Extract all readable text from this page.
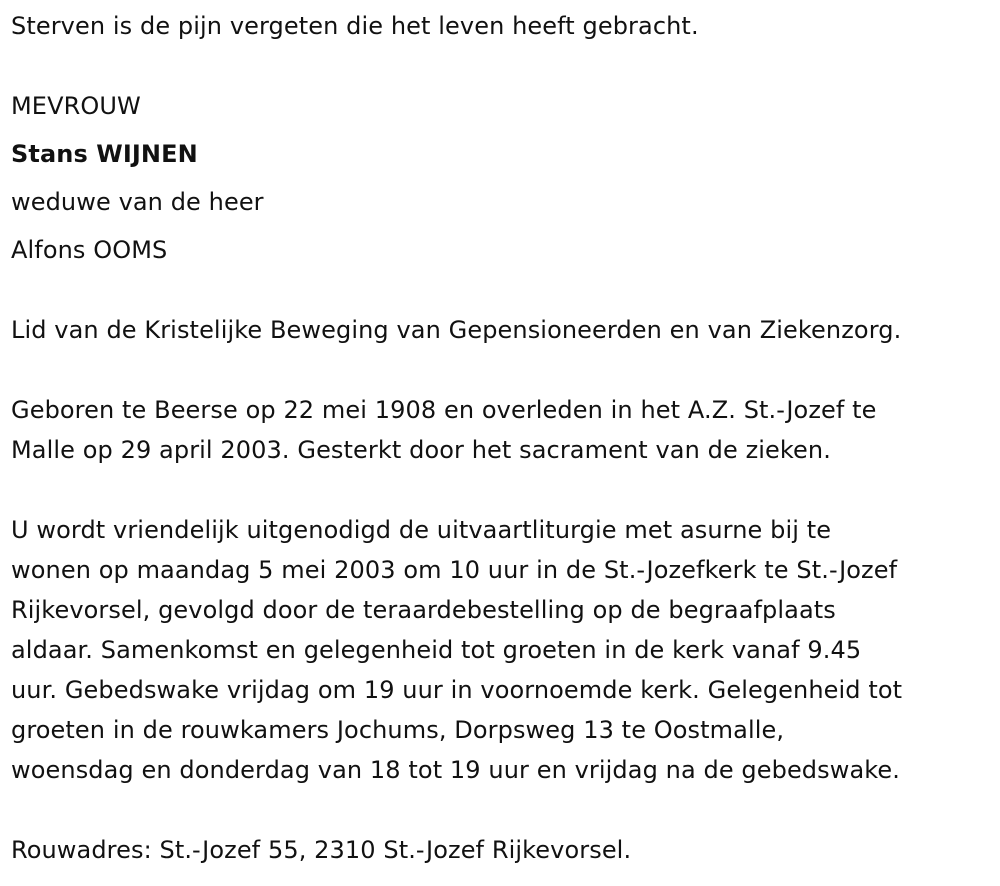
Sterven is de pijn vergeten die het leven heeft gebracht.
MEVROUW
Stans WIJNEN
weduwe van de heer
Alfons OOMS
Lid van de Kristelijke Beweging van Gepensioneerden en van Ziekenzorg.
Geboren te Beerse op 22 mei 1908 en overleden in het A.Z. St.-Jozef te
Malle op 29 april 2003. Gesterkt door het sacrament van de zieken.
U wordt vriendelijk uitgenodigd de uitvaartliturgie met asurne bij te
wonen op maandag 5 mei 2003 om 10 uur in de St.-Jozefkerk te St.-Jozef
Rijkevorsel, gevolgd door de teraardebestelling op de begraafplaats
aldaar. Samenkomst en gelegenheid tot groeten in de kerk vanaf 9.45
uur. Gebedswake vrijdag om 19 uur in voornoemde kerk. Gelegenheid tot
groeten in de rouwkamers Jochums, Dorpsweg 13 te Oostmalle,
woensdag en donderdag van 18 tot 19 uur en vrijdag na de gebedswake.
Rouwadres: St.-Jozef 55, 2310 St.-Jozef Rijkevorsel.
